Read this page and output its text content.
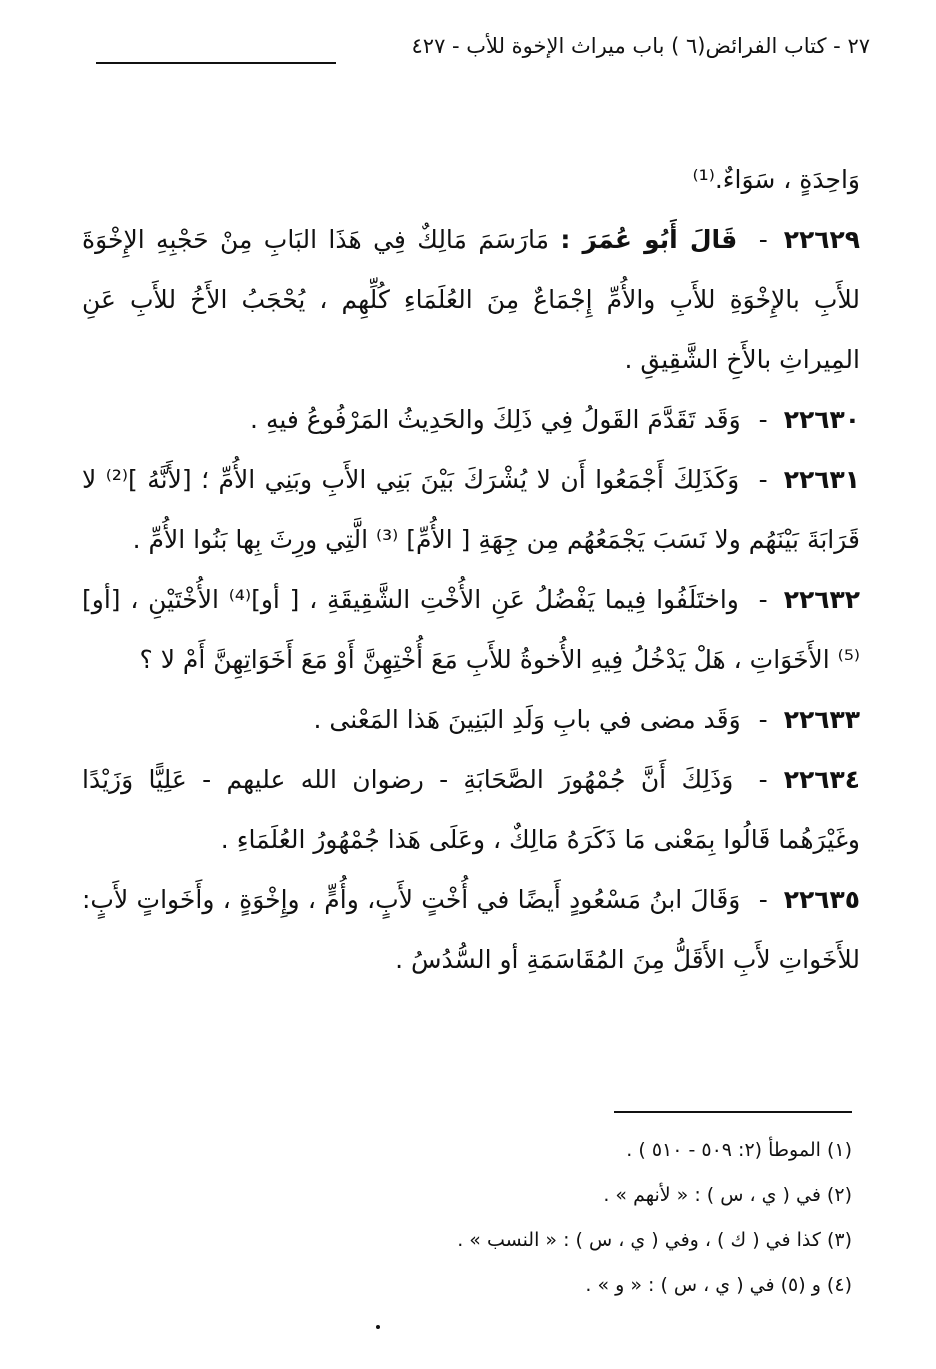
٢٧ - كتاب الفرائض(٦ ) باب ميراث الإخوة للأب - ٤٢٧

وَاحِدَةٍ ، سَوَاءٌ.⁽¹⁾

٢٢٦٢٩- قَالَ أَبُو عُمَرَ : مَارَسَمَ مَالِكٌ فِي هَذَا البَابِ مِنْ حَجْبِهِ الإِخْوَةَ للأَبِ بالإِخْوَةِ للأَبِ والأُمِّ إِجْمَاعٌ مِنَ العُلَمَاءِ كُلِّهِم ، يُحْجَبُ الأَخُ للأَبِ عَنِ المِيراثِ بالأَخِ الشَّقِيقِ .

٢٢٦٣٠- وَقَد تَقَدَّمَ القَولُ فِي ذَلِكَ والحَدِيثُ المَرْفُوعُ فيهِ .

٢٢٦٣١- وَكَذَلِكَ أَجْمَعُوا أَن لا يُشْرَكَ بَيْنَ بَنِي الأَبِ وبَنِي الأُمِّ ؛ [لأَنَّهُ ]⁽²⁾ لا قَرَابَةَ بَيْنَهُم ولا نَسَبَ يَجْمَعُهُم مِن جِهَةِ [ الأُمِّ] ⁽³⁾ الَّتِي ورِثَ بِها بَنُوا الأُمِّ .

٢٢٦٣٢- واختَلَفُوا فِيما يَفْضُلُ عَنِ الأُخْتِ الشَّقِيقَةِ ، [ أو]⁽⁴⁾ الأُخْتَيْنِ ، [أو]⁽⁵⁾ الأَخَوَاتِ ، هَلْ يَدْخُلُ فِيهِ الأُخوةُ للأَبِ مَعَ أُخْتِهِنَّ أَوْ مَعَ أَخَوَاتِهِنَّ أَمْ لا ؟

٢٢٦٣٣- وَقَد مضى في بابِ وَلَدِ البَنِينَ هَذا المَعْنى .

٢٢٦٣٤- وَذَلِكَ أَنَّ جُمْهُورَ الصَّحَابَةِ - رضوان الله عليهم - عَلِيًّا وَزَيْدًا وغَيْرَهُما قَالُوا بِمَعْنى مَا ذَكَرَهُ مَالِكٌ ، وعَلَى هَذا جُمْهُورُ العُلَمَاءِ .

٢٢٦٣٥- وَقَالَ ابنُ مَسْعُودٍ أَيضًا في أُخْتٍ لأَبٍ، وأُمٍّ ، وإِخْوَةٍ ، وأَخَواتٍ لأَبٍ: للأَخَواتِ لأَبِ الأَقَلُّ مِنَ المُقَاسَمَةِ أو السُّدُسُ .

(١) الموطأ (٢: ٥٠٩ - ٥١٠ ) .
(٢) في ( ي ، س ) : « لأنهم » .
(٣) كذا في ( ك ) ، وفي ( ي ، س ) : « النسب » .
(٤) و (٥) في ( ي ، س ) : « و » .
